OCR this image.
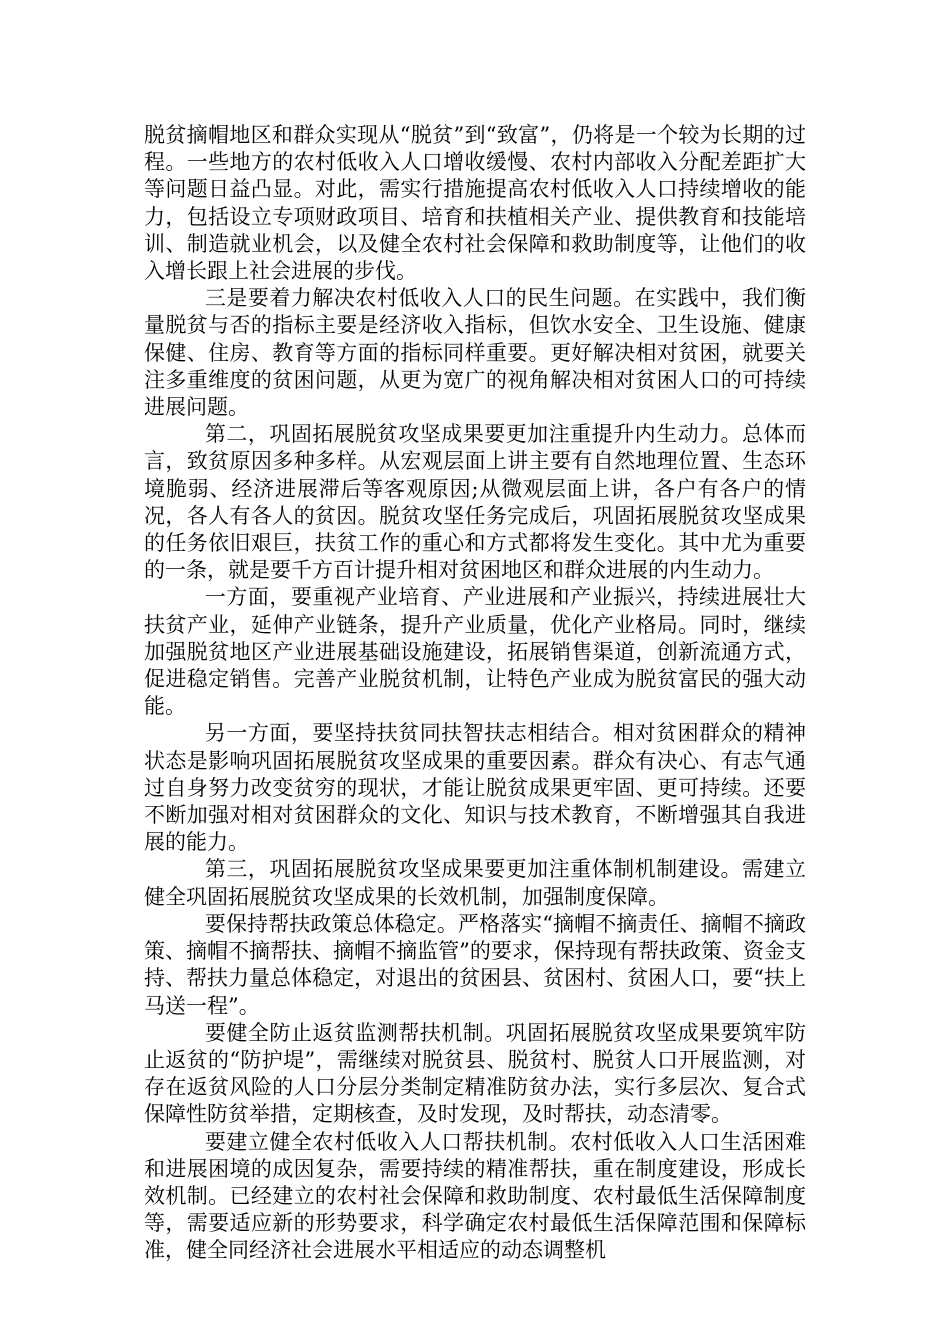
脱贫摘帽地区和群众实现从“脱贫”到“致富”，仍将是一个较为长期的过程。一些地方的农村低收入人口增收缓慢、农村内部收入分配差距扩大等问题日益凸显。对此，需实行措施提高农村低收入人口持续增收的能力，包括设立专项财政项目、培育和扶植相关产业、提供教育和技能培训、制造就业机会，以及健全农村社会保障和救助制度等，让他们的收入增长跟上社会进展的步伐。

三是要着力解决农村低收入人口的民生问题。在实践中，我们衡量脱贫与否的指标主要是经济收入指标，但饮水安全、卫生设施、健康保健、住房、教育等方面的指标同样重要。更好解决相对贫困，就要关注多重维度的贫困问题，从更为宽广的视角解决相对贫困人口的可持续进展问题。

第二，巩固拓展脱贫攻坚成果要更加注重提升内生动力。总体而言，致贫原因多种多样。从宏观层面上讲主要有自然地理位置、生态环境脆弱、经济进展滞后等客观原因;从微观层面上讲，各户有各户的情况，各人有各人的贫因。脱贫攻坚任务完成后，巩固拓展脱贫攻坚成果的任务依旧艰巨，扶贫工作的重心和方式都将发生变化。其中尤为重要的一条，就是要千方百计提升相对贫困地区和群众进展的内生动力。

一方面，要重视产业培育、产业进展和产业振兴，持续进展壮大扶贫产业，延伸产业链条，提升产业质量，优化产业格局。同时，继续加强脱贫地区产业进展基础设施建设，拓展销售渠道，创新流通方式，促进稳定销售。完善产业脱贫机制，让特色产业成为脱贫富民的强大动能。

另一方面，要坚持扶贫同扶智扶志相结合。相对贫困群众的精神状态是影响巩固拓展脱贫攻坚成果的重要因素。群众有决心、有志气通过自身努力改变贫穷的现状，才能让脱贫成果更牢固、更可持续。还要不断加强对相对贫困群众的文化、知识与技术教育，不断增强其自我进展的能力。

第三，巩固拓展脱贫攻坚成果要更加注重体制机制建设。需建立健全巩固拓展脱贫攻坚成果的长效机制，加强制度保障。

要保持帮扶政策总体稳定。严格落实“摘帽不摘责任、摘帽不摘政策、摘帽不摘帮扶、摘帽不摘监管”的要求，保持现有帮扶政策、资金支持、帮扶力量总体稳定，对退出的贫困县、贫困村、贫困人口，要“扶上马送一程”。

要健全防止返贫监测帮扶机制。巩固拓展脱贫攻坚成果要筑牢防止返贫的“防护堤”，需继续对脱贫县、脱贫村、脱贫人口开展监测，对存在返贫风险的人口分层分类制定精准防贫办法，实行多层次、复合式保障性防贫举措，定期核查，及时发现，及时帮扶，动态清零。

要建立健全农村低收入人口帮扶机制。农村低收入人口生活困难和进展困境的成因复杂，需要持续的精准帮扶，重在制度建设，形成长效机制。已经建立的农村社会保障和救助制度、农村最低生活保障制度等，需要适应新的形势要求，科学确定农村最低生活保障范围和保障标准，健全同经济社会进展水平相适应的动态调整机
